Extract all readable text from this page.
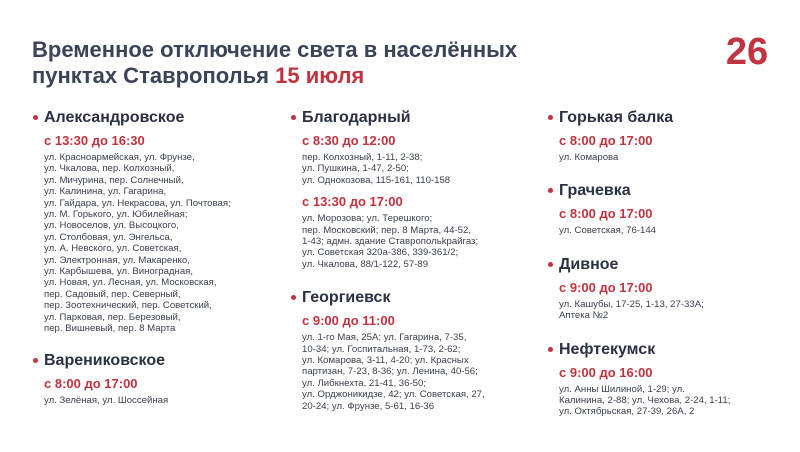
Временное отключение света в населённых
пунктах Ставрополья 15 июля
26
Александровское
с 13:30 до 16:30
ул. Красноармейская, ул. Фрунзе,
ул. Чкалова, пер. Колхозный,
ул. Мичурина, пер. Солнечный,
ул. Калинина, ул. Гагарина,
ул. Гайдара, ул. Некрасова, ул. Почтовая;
ул. М. Горького, ул. Юбилейная;
ул. Новоселов, ул. Высоцкого,
ул. Столбовая, ул. Энгельса,
ул. А. Невского, ул. Советская,
ул. Электронная, ул. Макаренко,
ул. Карбышева, ул. Виноградная,
ул. Новая, ул. Лесная, ул. Московская,
пер. Садовый, пер. Северный,
пер. Зоотехнический, пер. Советский,
ул. Парковая, пер. Березовый,
пер. Вишневый, пер. 8 Марта
Варениковское
с 8:00 до 17:00
ул. Зелёная, ул. Шоссейная
Благодарный
с 8:30 до 12:00
пер. Колхозный, 1-11, 2-38;
ул. Пушкина, 1-47, 2-50;
ул. Однокозова, 115-161, 110-158
с 13:30 до 17:00
ул. Морозова; ул. Терешкого;
пер. Московский; пер. 8 Марта, 44-52,
1-43; адмн. здание Ставропольkрайгаз;
ул. Советская 320а-386, 339-361/2;
ул. Чкалова, 88/1-122, 57-89
Георгиевск
с 9:00 до 11:00
ул. 1-го Мая, 25А; ул. Гагарина, 7-35,
10-34; ул. Госпитальная, 1-73, 2-62;
ул. Комарова, 3-11, 4-20; ул. Красных
партизан, 7-23, 8-36; ул. Ленина, 40-56;
ул. Либкнехта, 21-41, 36-50;
ул. Орджоникидзе, 42; ул. Советская, 27,
20-24; ул. Фрунзе, 5-61, 16-36
Горькая балка
с 8:00 до 17:00
ул. Комарова
Грачевка
с 8:00 до 17:00
ул. Советская, 76-144
Дивное
с 9:00 до 17:00
ул. Кашубы, 17-25, 1-13, 27-33А;
Аптека №2
Нефтекумск
с 9:00 до 16:00
ул. Анны Шилиной, 1-29; ул.
Калинина, 2-88; ул. Чехова, 2-24, 1-11;
ул. Октябрьская, 27-39, 26А, 2
